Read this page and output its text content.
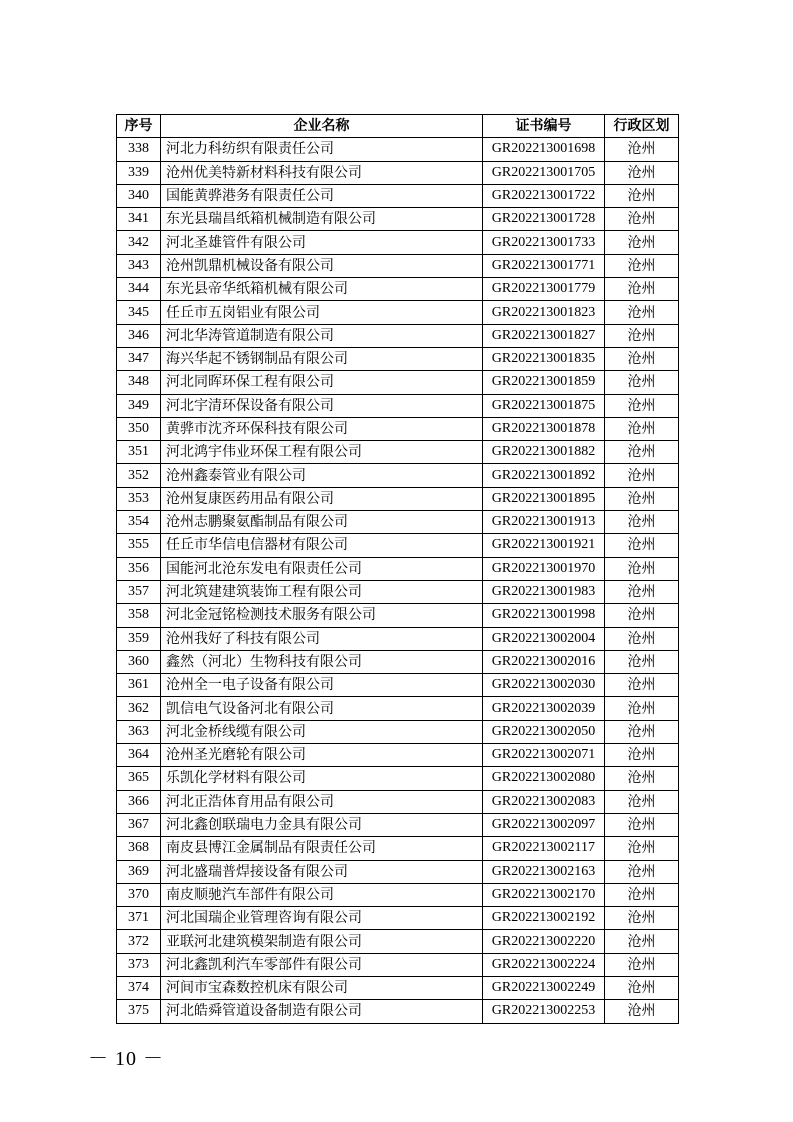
序号	企业名称	证书编号	行政区划
338	河北力科纺织有限责任公司	GR202213001698	沧州
339	沧州优美特新材料科技有限公司	GR202213001705	沧州
340	国能黄骅港务有限责任公司	GR202213001722	沧州
341	东光县瑞昌纸箱机械制造有限公司	GR202213001728	沧州
342	河北圣雄管件有限公司	GR202213001733	沧州
343	沧州凯鼎机械设备有限公司	GR202213001771	沧州
344	东光县帝华纸箱机械有限公司	GR202213001779	沧州
345	任丘市五岗铝业有限公司	GR202213001823	沧州
346	河北华涛管道制造有限公司	GR202213001827	沧州
347	海兴华起不锈钢制品有限公司	GR202213001835	沧州
348	河北同晖环保工程有限公司	GR202213001859	沧州
349	河北宇清环保设备有限公司	GR202213001875	沧州
350	黄骅市沈齐环保科技有限公司	GR202213001878	沧州
351	河北鸿宇伟业环保工程有限公司	GR202213001882	沧州
352	沧州鑫泰管业有限公司	GR202213001892	沧州
353	沧州复康医药用品有限公司	GR202213001895	沧州
354	沧州志鹏聚氨酯制品有限公司	GR202213001913	沧州
355	任丘市华信电信器材有限公司	GR202213001921	沧州
356	国能河北沧东发电有限责任公司	GR202213001970	沧州
357	河北筑建建筑装饰工程有限公司	GR202213001983	沧州
358	河北金冠铭检测技术服务有限公司	GR202213001998	沧州
359	沧州我好了科技有限公司	GR202213002004	沧州
360	鑫然（河北）生物科技有限公司	GR202213002016	沧州
361	沧州全一电子设备有限公司	GR202213002030	沧州
362	凯信电气设备河北有限公司	GR202213002039	沧州
363	河北金桥线缆有限公司	GR202213002050	沧州
364	沧州圣光磨轮有限公司	GR202213002071	沧州
365	乐凯化学材料有限公司	GR202213002080	沧州
366	河北正浩体育用品有限公司	GR202213002083	沧州
367	河北鑫创联瑞电力金具有限公司	GR202213002097	沧州
368	南皮县博江金属制品有限责任公司	GR202213002117	沧州
369	河北盛瑞普焊接设备有限公司	GR202213002163	沧州
370	南皮顺驰汽车部件有限公司	GR202213002170	沧州
371	河北国瑞企业管理咨询有限公司	GR202213002192	沧州
372	亚联河北建筑模架制造有限公司	GR202213002220	沧州
373	河北鑫凯利汽车零部件有限公司	GR202213002224	沧州
374	河间市宝森数控机床有限公司	GR202213002249	沧州
375	河北皓舜管道设备制造有限公司	GR202213002253	沧州
－ 10 －
